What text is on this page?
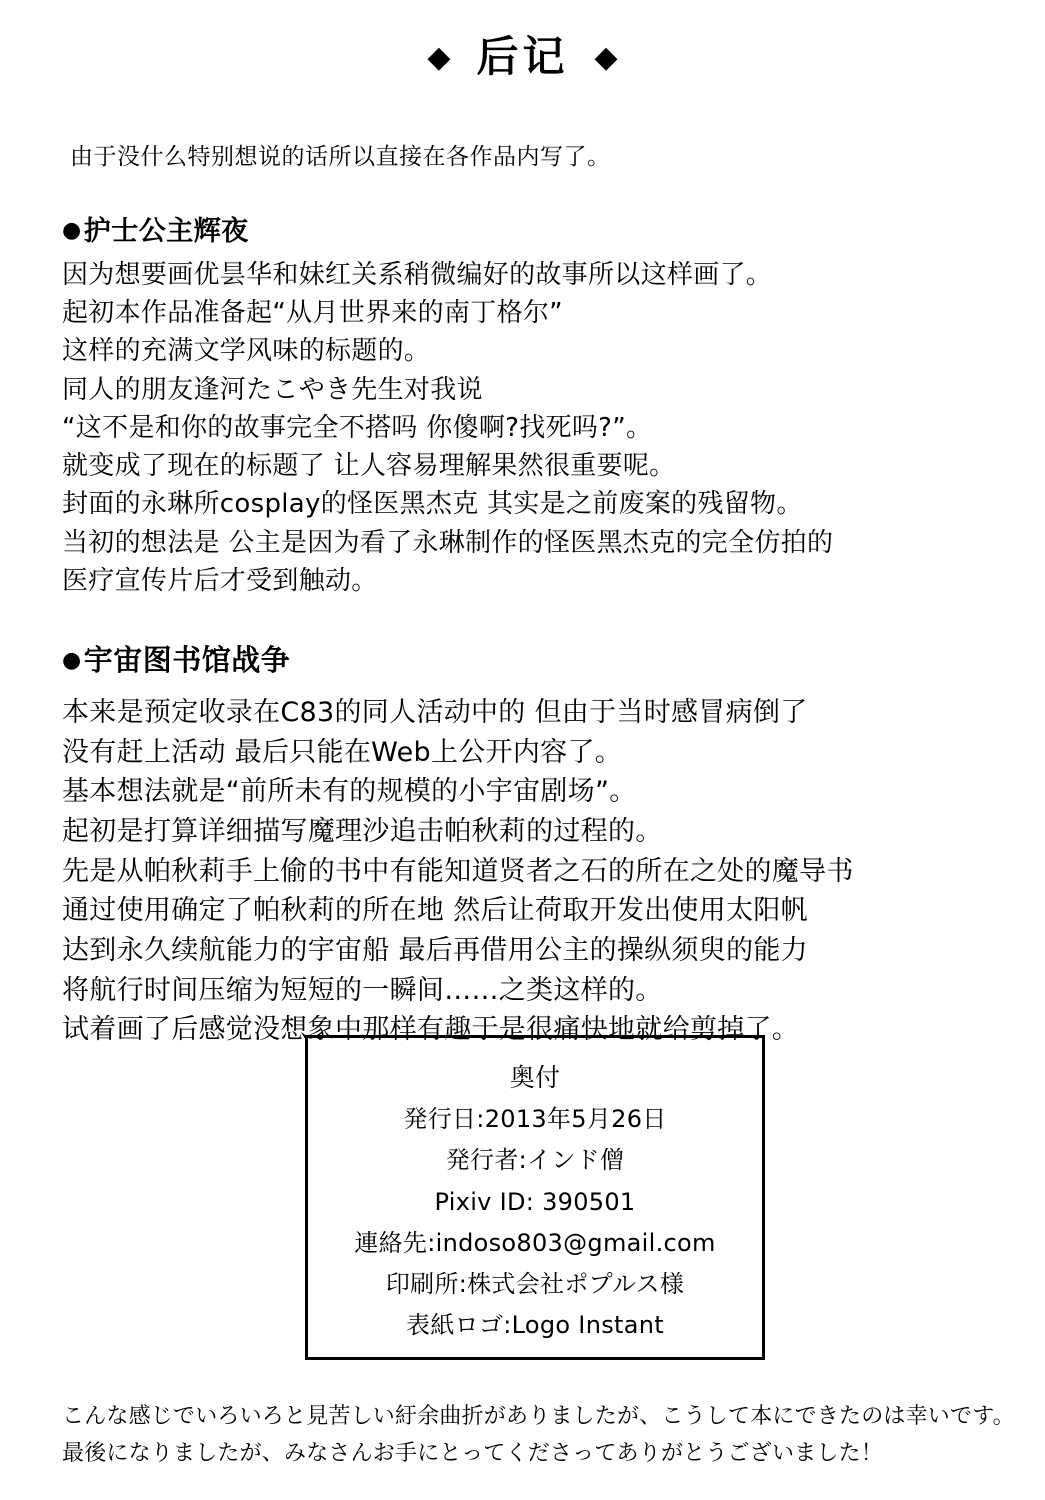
◆ 后记 ◆
由于没什么特别想说的话所以直接在各作品内写了。
●护士公主辉夜
因为想要画优昙华和妹红关系稍微编好的故事所以这样画了。
起初本作品准备起“从月世界来的南丁格尔”
这样的充满文学风味的标题的。
同人的朋友逢河たこやき先生对我说
“这不是和你的故事完全不搭吗 你傻啊?找死吗?”。
就变成了现在的标题了 让人容易理解果然很重要呢。
封面的永琳所cosplay的怪医黑杰克 其实是之前废案的残留物。
当初的想法是 公主是因为看了永琳制作的怪医黑杰克的完全仿拍的
医疗宣传片后才受到触动。
●宇宙图书馆战争
本来是预定收录在C83的同人活动中的 但由于当时感冒病倒了
没有赶上活动 最后只能在Web上公开内容了。
基本想法就是“前所未有的规模的小宇宙剧场”。
起初是打算详细描写魔理沙追击帕秋莉的过程的。
先是从帕秋莉手上偷的书中有能知道贤者之石的所在之处的魔导书
通过使用确定了帕秋莉的所在地 然后让荷取开发出使用太阳帆
达到永久续航能力的宇宙船 最后再借用公主的操纵须臾的能力
将航行时间压缩为短短的一瞬间……之类这样的。
试着画了后感觉没想象中那样有趣于是很痛快地就给剪掉了。
奥付
発行日:2013年5月26日
発行者:インド僧
Pixiv ID: 390501
連絡先:indoso803@gmail.com
印刷所:株式会社ポプルス様
表紙ロゴ:Logo Instant
こんな感じでいろいろと見苦しい紆余曲折がありましたが、こうして本にできたのは幸いです。
最後になりましたが、みなさんお手にとってくださってありがとうございました！
